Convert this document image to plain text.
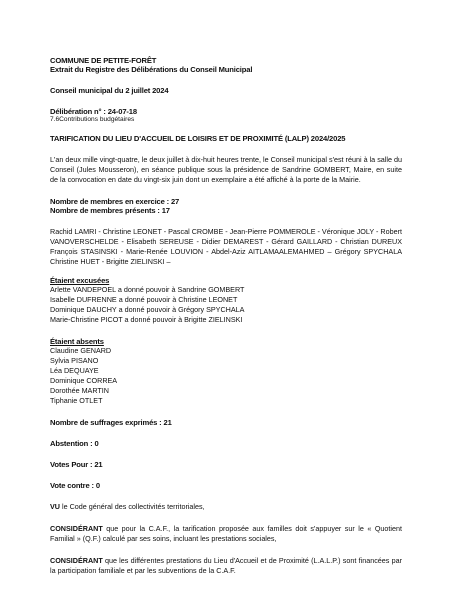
COMMUNE DE PETITE-FORÊT
Extrait du Registre des Délibérations du Conseil Municipal
Conseil municipal du 2 juillet 2024
Délibération n° : 24-07-18
7.6Contributions budgétaires
TARIFICATION DU LIEU D'ACCUEIL DE LOISIRS ET DE PROXIMITÉ (LALP) 2024/2025
L'an deux mille vingt-quatre, le deux juillet à dix-huit heures trente, le Conseil municipal s'est réuni à la salle du Conseil (Jules Mousseron), en séance publique sous la présidence de Sandrine GOMBERT, Maire, en suite de la convocation en date du vingt-six juin dont un exemplaire a été affiché à la porte de la Mairie.
Nombre de membres en exercice : 27
Nombre de membres présents : 17
Rachid LAMRI - Christine LEONET - Pascal CROMBE - Jean-Pierre POMMEROLE - Véronique JOLY - Robert VANOVERSCHELDE - Elisabeth SEREUSE - Didier DEMAREST - Gérard GAILLARD - Christian DUREUX François STASINSKI - Marie-Renée LOUVION - Abdel-Aziz AITLAMAALEMAHMED – Grégory SPYCHALA Christine HUET - Brigitte ZIELINSKI –
Étaient excusées
Arlette VANDEPOEL a donné pouvoir à Sandrine GOMBERT
Isabelle DUFRENNE a donné pouvoir à Christine LEONET
Dominique DAUCHY a donné pouvoir à Grégory SPYCHALA
Marie-Christine PICOT a donné pouvoir à Brigitte ZIELINSKI
Étaient absents
Claudine GENARD
Sylvia PISANO
Léa DEQUAYE
Dominique CORREA
Dorothée MARTIN
Tiphanie OTLET
Nombre de suffrages exprimés : 21
Abstention : 0
Votes Pour : 21
Vote contre : 0
VU le Code général des collectivités territoriales,
CONSIDÉRANT que pour la C.A.F., la tarification proposée aux familles doit s'appuyer sur le « Quotient Familial » (Q.F.) calculé par ses soins, incluant les prestations sociales,
CONSIDÉRANT que les différentes prestations du Lieu d'Accueil et de Proximité (L.A.L.P.) sont financées par la participation familiale et par les subventions de la C.A.F.
